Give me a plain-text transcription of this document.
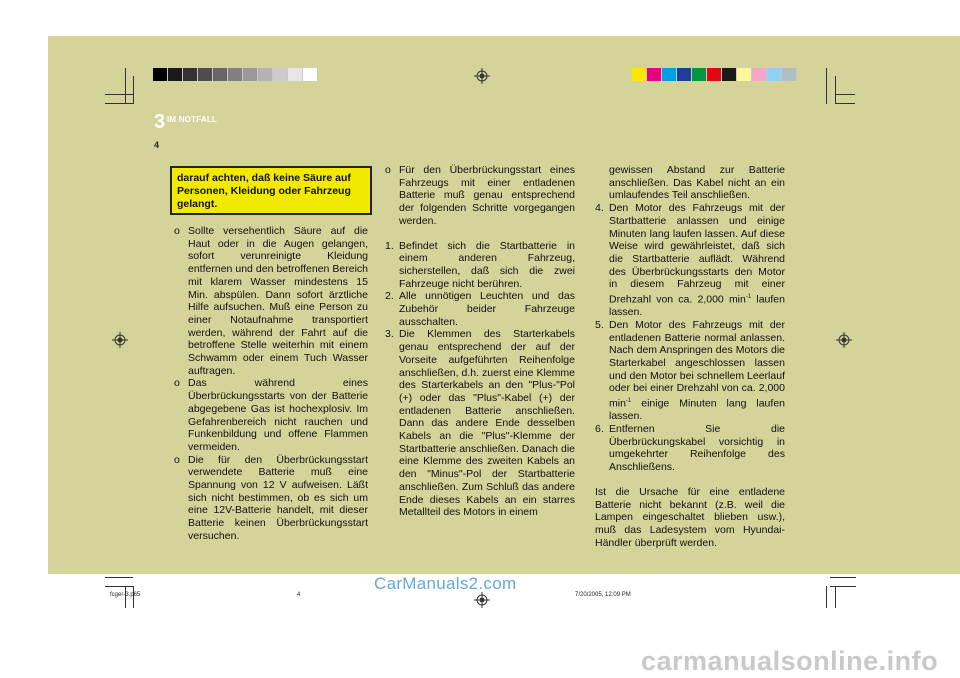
3 IM NOTFALL
4
darauf achten, daß keine Säure auf Personen, Kleidung oder Fahrzeug gelangt.
o Sollte versehentlich Säure auf die Haut oder in die Augen gelangen, sofort verunreinigte Kleidung entfernen und den betroffenen Bereich mit klarem Wasser mindestens 15 Min. abspülen. Dann sofort ärztliche Hilfe aufsuchen. Muß eine Person zu einer Notaufnahme transportiert werden, während der Fahrt auf die betroffene Stelle weiterhin mit einem Schwamm oder einem Tuch Wasser auftragen.
o Das während eines Überbrückungsstarts von der Batterie abgegebene Gas ist hochexplosiv. Im Gefahrenbereich nicht rauchen und Funkenbildung und offene Flammen vermeiden.
o Die für den Überbrückungsstart verwendete Batterie muß eine Spannung von 12 V aufweisen. Läßt sich nicht bestimmen, ob es sich um eine 12V-Batterie handelt, mit dieser Batterie keinen Überbrückungsstart versuchen.
o Für den Überbrückungsstart eines Fahrzeugs mit einer entladenen Batterie muß genau entsprechend der folgenden Schritte vorgegangen werden.
1. Befindet sich die Startbatterie in einem anderen Fahrzeug, sicherstellen, daß sich die zwei Fahrzeuge nicht berühren.
2. Alle unnötigen Leuchten und das Zubehör beider Fahrzeuge ausschalten.
3. Die Klemmen des Starterkabels genau entsprechend der auf der Vorseite aufgeführten Reihenfolge anschließen, d.h. zuerst eine Klemme des Starterkabels an den "Plus-"Pol (+) oder das "Plus"-Kabel (+) der entladenen Batterie anschließen. Dann das andere Ende desselben Kabels an die "Plus"-Klemme der Startbatterie anschließen. Danach die eine Klemme des zweiten Kabels an den "Minus"-Pol der Startbatterie anschließen. Zum Schluß das andere Ende dieses Kabels an ein starres Metallteil des Motors in einem
gewissen Abstand zur Batterie anschließen. Das Kabel nicht an ein umlaufendes Teil anschließen.
4. Den Motor des Fahrzeugs mit der Startbatterie anlassen und einige Minuten lang laufen lassen. Auf diese Weise wird gewährleistet, daß sich die Startbatterie auflädt. Während des Überbrückungsstarts den Motor in diesem Fahrzeug mit einer Drehzahl von ca. 2,000 $\min^{-1}$ laufen lassen.
5. Den Motor des Fahrzeugs mit der entladenen Batterie normal anlassen. Nach dem Anspringen des Motors die Starterkabel angeschlossen lassen und den Motor bei schnellem Leerlauf oder bei einer Drehzahl von ca. 2,000 $\min^{-1}$ einige Minuten lang laufen lassen.
6. Entfernen Sie die Überbrückungskabel vorsichtig in umgekehrter Reihenfolge des Anschließens.

Ist die Ursache für eine entladene Batterie nicht bekannt (z.B. weil die Lampen eingeschaltet blieben usw.), muß das Ladesystem vom Hyundai-Händler überprüft werden.

fcger-3.p65	4	7/20/2005, 12:09 PM
CarManuals2.com
carmanualsonline.info
